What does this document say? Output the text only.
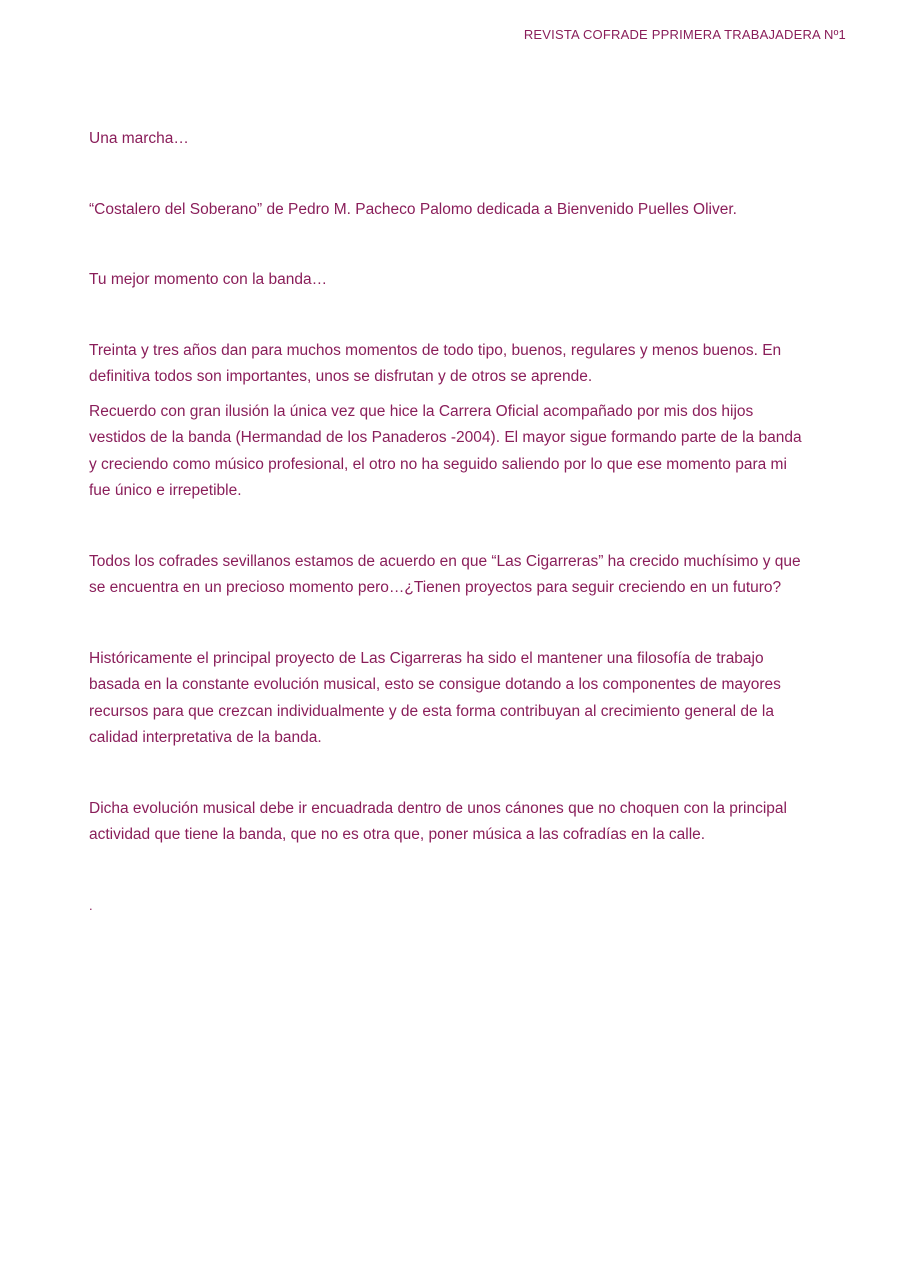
REVISTA COFRADE PPRIMERA TRABAJADERA Nº1

Una marcha…

“Costalero del Soberano” de Pedro M. Pacheco Palomo dedicada a Bienvenido Puelles Oliver.

Tu mejor momento con la banda…

Treinta y tres años dan para muchos momentos de todo tipo, buenos, regulares y menos buenos. En definitiva todos son importantes, unos se disfrutan y de otros se aprende.

Recuerdo con gran ilusión la única vez que hice la Carrera Oficial acompañado por mis dos hijos vestidos de la banda (Hermandad de los Panaderos -2004). El mayor sigue formando parte de la banda y creciendo como músico profesional, el otro no ha seguido saliendo por lo que ese momento para mi fue único e irrepetible.

Todos los cofrades sevillanos estamos de acuerdo en que “Las Cigarreras” ha crecido muchísimo y que se encuentra en un precioso momento pero…¿Tienen proyectos para seguir creciendo en un futuro?

Históricamente el principal proyecto de Las Cigarreras ha sido el mantener una filosofía de trabajo basada en la constante evolución musical, esto se consigue dotando a los componentes de mayores recursos para que crezcan individualmente y de esta forma contribuyan al crecimiento general de la calidad interpretativa de la banda.

Dicha evolución musical debe ir encuadrada dentro de unos cánones que no choquen con la principal actividad que tiene la banda, que no es otra que, poner música a las cofradías en la calle.

.
